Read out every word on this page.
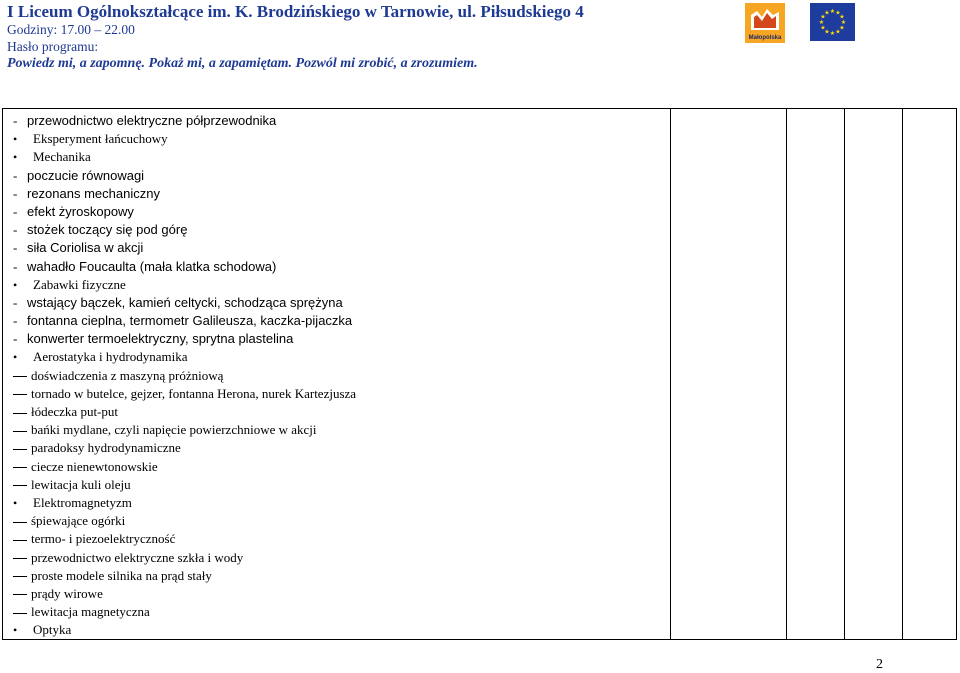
I Liceum Ogólnokształcące im. K. Brodzińskiego w Tarnowie, ul. Piłsudskiego 4
Godziny: 17.00 – 22.00
Hasło programu:
Powiedz mi, a zapomnę. Pokaż mi, a zapamiętam. Pozwól mi zrobić, a zrozumiem.
Małopolska
★
★
★
★
★
★
★
★
★ ★ ★
★
- przewodnictwo elektryczne półprzewodnika
•
Eksperyment łańcuchowy
•
Mechanika
- poczucie równowagi
- rezonans mechaniczny
- efekt żyroskopowy
- stożek toczący się pod górę
- siła Coriolisa w akcji
- wahadło Foucaulta (mała klatka schodowa)
•
Zabawki fizyczne
- wstający bączek, kamień celtycki, schodząca sprężyna
- fontanna cieplna, termometr Galileusza, kaczka-pijaczka
- konwerter termoelektryczny, sprytna plastelina
•
Aerostatyka i hydrodynamika
doświadczenia z maszyną próżniową
tornado w butelce, gejzer, fontanna Herona, nurek Kartezjusza
łódeczka put-put
bańki mydlane, czyli napięcie powierzchniowe w akcji
paradoksy hydrodynamiczne
ciecze nienewtonowskie
lewitacja kuli oleju
•
Elektromagnetyzm
śpiewające ogórki
termo- i piezoelektryczność
przewodnictwo elektryczne szkła i wody
proste modele silnika na prąd stały
prądy wirowe
lewitacja magnetyczna
•
Optyka

2
